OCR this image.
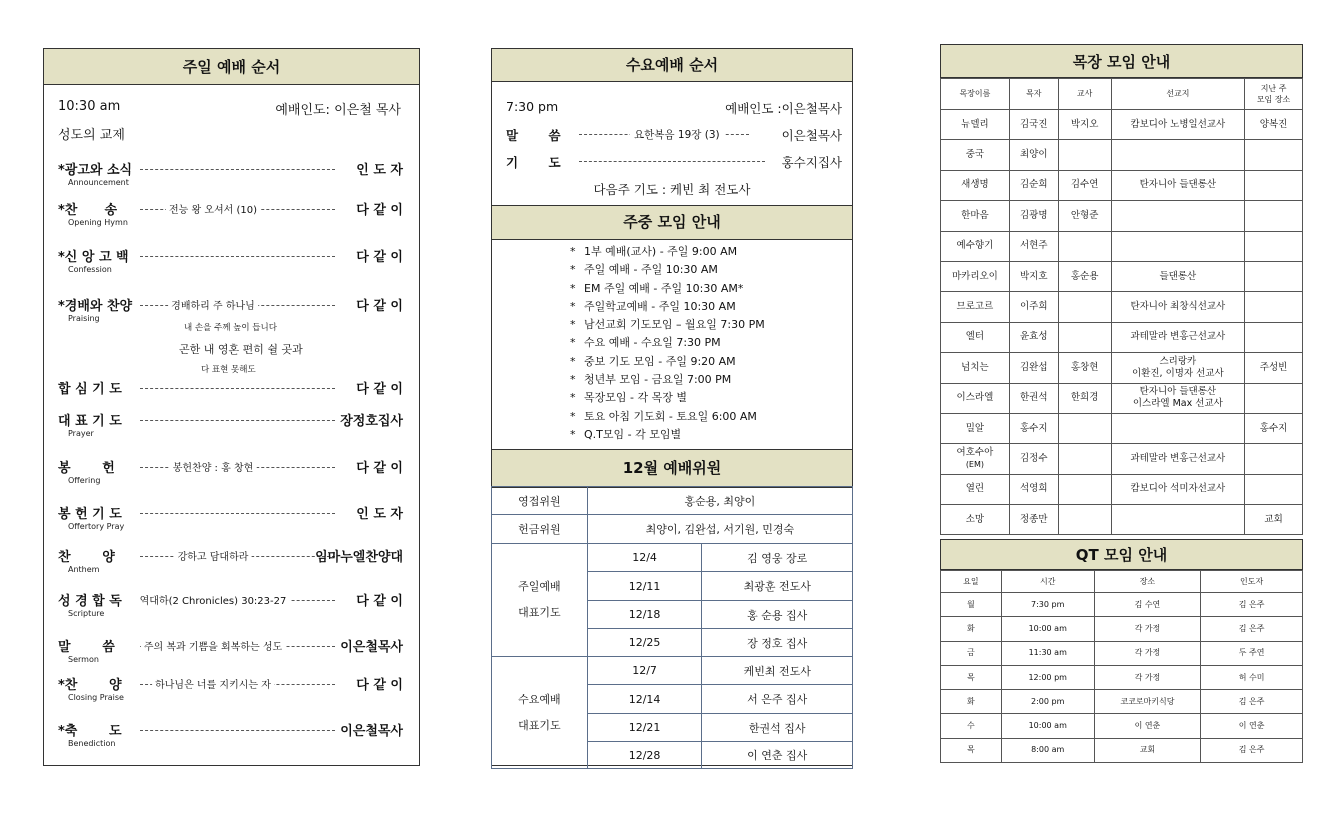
주일 예배 순서
10:30 am	예배인도: 이은철 목사
성도의 교제
*광고와 소식	인 도 자
Announcement
*찬      송	전능 왕 오셔서 (10)	다 같 이
Opening Hymn
*신 앙 고 백	다 같 이
Confession
*경배와 찬양	경배하리 주 하나님	다 같 이
Praising
합 심 기 도	다 같 이
대 표 기 도	장정호집사
Prayer
봉       헌	봉헌찬양 : 홍 창현	다 같 이
Offering
봉 헌 기 도	인 도 자
Offertory Pray
찬       양	강하고 담대하라	임마누엘찬양대
Anthem
성 경 합 독	역대하(2 Chronicles) 30:23-27	다 같 이
Scripture
말       씀	주의 복과 기쁨을 회복하는 성도	이은철목사
Sermon
*찬       양	하나님은 너를 지키시는 자	다 같 이
Closing Praise
*축       도	이은철목사
Benediction
내 손을 주께 높이 듭니다
곤한 내 영혼 편히 쉴 곳과
다 표현 못해도
수요예배 순서
7:30 pm	예배인도 :이은철목사
말       씀	요한복음 19장 (3)	이은철목사
기       도	홍수지집사
다음주 기도 : 케빈 최 전도사
주중 모임 안내
* 1부 예배(교사) - 주일 9:00 AM
* 주일 예배 - 주일 10:30 AM
* EM 주일 예배 - 주일 10:30 AM*
* 주일학교예배 - 주일 10:30 AM
* 남선교회 기도모임 – 월요일 7:30 PM
* 수요 예배 - 수요일 7:30 PM
* 중보 기도 모임 - 주일 9:20 AM
* 청년부 모임 - 금요일 7:00 PM
* 목장모임 - 각 목장 별
* 토요 아침 기도회 - 토요일 6:00 AM
* Q.T모임 - 각 모임별
12월 예배위원
영접위원	홍순용, 최양이	
헌금위원	최양이, 김완섭, 서기원, 민경숙	

주일예배
대표기도	12/4	김 영웅 장로
	12/11	최광훈 전도사
	12/18	홍 순용 집사
	12/25	장 정호 집사

수요예배
대표기도	12/7	케빈최 전도사
	12/14	서 은주 집사
	12/21	한권석 집사
	12/28	이 연춘 집사
목장 모임 안내
목장이름	목자	교사	선교지	지난 주
모임 장소

뉴델리	김국진	박지오	캄보디아 노병일선교사	양복진

중국	최양이			

새생명	김순희	김수연	탄자니아 들댄롱산	

한마음	김광명	안형준		

예수향기	서현주			

마카리오이	박지호	홍순용	들댄롱산	

므로고르	이주희		탄자니아 최창식선교사	

엘터	윤효성		과테말라 변홍근선교사	

넘치는	김완섭	홍창현	스리랑카
이환진, 이명자 선교사	주성빈

이스라엘	한권석	한희경	탄자니아 들댄롱산
이스라엘 Max 선교사	

밀알	홍수지			홍수지

여호수아
(EM)	김정수		과테말라 변홍근선교사	

열린	석영희		캄보디아 석미자선교사	

소망	정종만			교회
QT 모임 안내
요일	시간	장소	인도자
월	7:30 pm	김 수연	김 은주
화	10:00 am	각 가정	김 은주
금	11:30 am	각 가정	두 주연
목	12:00 pm	각 가정	허 수미
화	2:00 pm	코코로마키식당	김 은주
수	10:00 am	이 연춘	이 연춘
목	8:00 am	교회	김 은주
